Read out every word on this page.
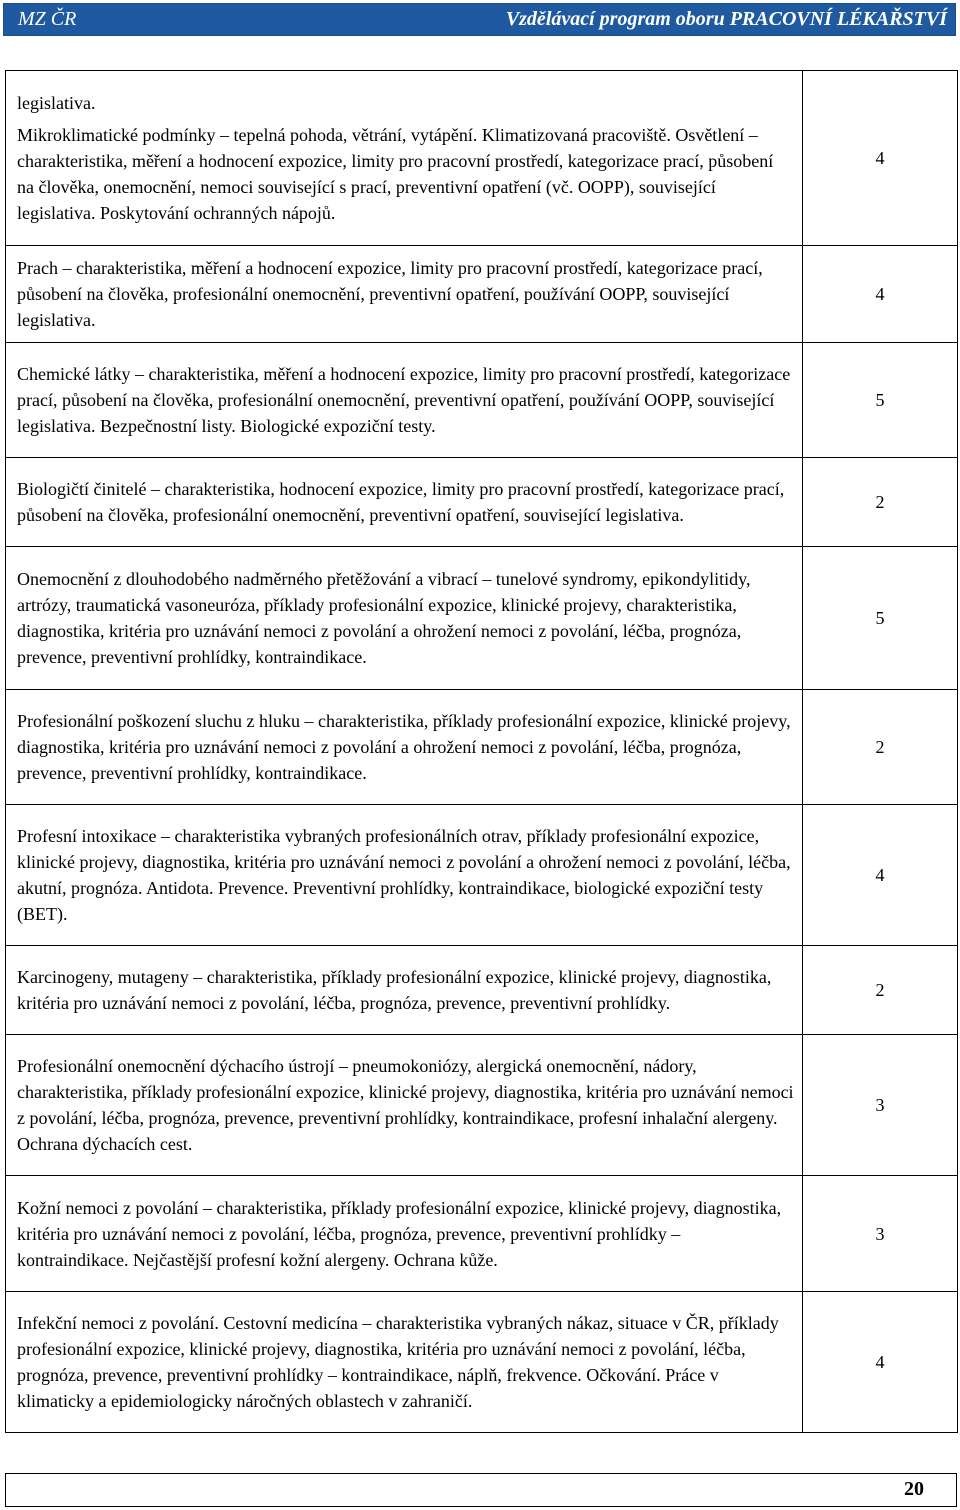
MZ ČR	Vzdělávací program oboru PRACOVNÍ LÉKAŘSTVÍ
legislativa.
Mikroklimatické podmínky – tepelná pohoda, větrání, vytápění. Klimatizovaná pracoviště. Osvětlení – charakteristika, měření a hodnocení expozice, limity pro pracovní prostředí, kategorizace prací, působení na člověka, onemocnění, nemoci související s prací, preventivní opatření (vč. OOPP), související legislativa. Poskytování ochranných nápojů.	4

Prach – charakteristika, měření a hodnocení expozice, limity pro pracovní prostředí, kategorizace prací, působení na člověka, profesionální onemocnění, preventivní opatření, používání OOPP, související legislativa.	4

Chemické látky – charakteristika, měření a hodnocení expozice, limity pro pracovní prostředí, kategorizace prací, působení na člověka, profesionální onemocnění, preventivní opatření, používání OOPP, související legislativa. Bezpečnostní listy. Biologické expoziční testy.	5

Biologičtí činitelé – charakteristika, hodnocení expozice, limity pro pracovní prostředí, kategorizace prací, působení na člověka, profesionální onemocnění, preventivní opatření, související legislativa.	2

Onemocnění z dlouhodobého nadměrného přetěžování a vibrací – tunelové syndromy, epikondylitidy, artrózy, traumatická vasoneuróza, příklady profesionální expozice, klinické projevy, charakteristika, diagnostika, kritéria pro uznávání nemoci z povolání a ohrožení nemoci z povolání, léčba, prognóza, prevence, preventivní prohlídky, kontraindikace.	5

Profesionální poškození sluchu z hluku – charakteristika, příklady profesionální expozice, klinické projevy, diagnostika, kritéria pro uznávání nemoci z povolání a ohrožení nemoci z povolání, léčba, prognóza, prevence, preventivní prohlídky, kontraindikace.	2

Profesní intoxikace – charakteristika vybraných profesionálních otrav, příklady profesionální expozice, klinické projevy, diagnostika, kritéria pro uznávání nemoci z povolání a ohrožení nemoci z povolání, léčba, akutní, prognóza. Antidota. Prevence. Preventivní prohlídky, kontraindikace, biologické expoziční testy (BET).	4

Karcinogeny, mutageny – charakteristika, příklady profesionální expozice, klinické projevy, diagnostika, kritéria pro uznávání nemoci z povolání, léčba, prognóza, prevence, preventivní prohlídky.	2

Profesionální onemocnění dýchacího ústrojí – pneumokoniózy, alergická onemocnění, nádory, charakteristika, příklady profesionální expozice, klinické projevy, diagnostika, kritéria pro uznávání nemoci z povolání, léčba, prognóza, prevence, preventivní prohlídky, kontraindikace, profesní inhalační alergeny. Ochrana dýchacích cest.	3

Kožní nemoci z povolání – charakteristika, příklady profesionální expozice, klinické projevy, diagnostika, kritéria pro uznávání nemoci z povolání, léčba, prognóza, prevence, preventivní prohlídky – kontraindikace. Nejčastější profesní kožní alergeny. Ochrana kůže.	3

Infekční nemoci z povolání. Cestovní medicína – charakteristika vybraných nákaz, situace v ČR, příklady profesionální expozice, klinické projevy, diagnostika, kritéria pro uznávání nemoci z povolání, léčba, prognóza, prevence, preventivní prohlídky – kontraindikace, náplň, frekvence. Očkování. Práce v klimaticky a epidemiologicky náročných oblastech v zahraničí.	4
20
